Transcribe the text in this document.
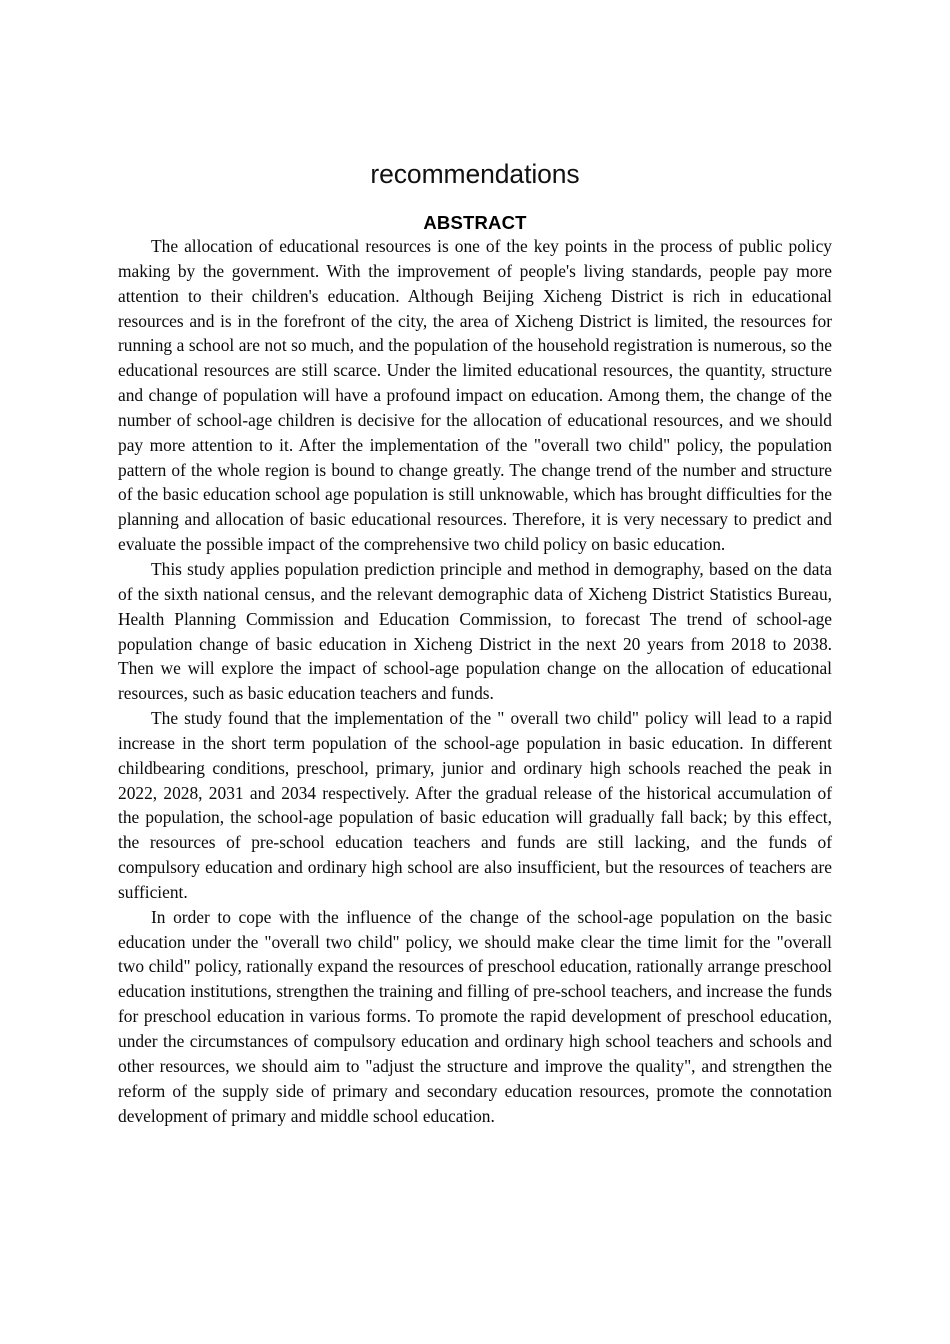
recommendations
ABSTRACT

The allocation of educational resources is one of the key points in the process of public policy making by the government. With the improvement of people's living standards, people pay more attention to their children's education. Although Beijing Xicheng District is rich in educational resources and is in the forefront of the city, the area of Xicheng District is limited, the resources for running a school are not so much, and the population of the household registration is numerous, so the educational resources are still scarce. Under the limited educational resources, the quantity, structure and change of population will have a profound impact on education. Among them, the change of the number of school-age children is decisive for the allocation of educational resources, and we should pay more attention to it. After the implementation of the "overall two child" policy, the population pattern of the whole region is bound to change greatly. The change trend of the number and structure of the basic education school age population is still unknowable, which has brought difficulties for the planning and allocation of basic educational resources. Therefore, it is very necessary to predict and evaluate the possible impact of the comprehensive two child policy on basic education.

This study applies population prediction principle and method in demography, based on the data of the sixth national census, and the relevant demographic data of Xicheng District Statistics Bureau, Health Planning Commission and Education Commission, to forecast The trend of school-age population change of basic education in Xicheng District in the next 20 years from 2018 to 2038. Then we will explore the impact of school-age population change on the allocation of educational resources, such as basic education teachers and funds.

The study found that the implementation of the " overall two child" policy will lead to a rapid increase in the short term population of the school-age population in basic education. In different childbearing conditions, preschool, primary, junior and ordinary high schools reached the peak in 2022, 2028, 2031 and 2034 respectively. After the gradual release of the historical accumulation of the population, the school-age population of basic education will gradually fall back; by this effect, the resources of pre-school education teachers and funds are still lacking, and the funds of compulsory education and ordinary high school are also insufficient, but the resources of teachers are sufficient.

In order to cope with the influence of the change of the school-age population on the basic education under the "overall two child" policy, we should make clear the time limit for the "overall two child" policy, rationally expand the resources of preschool education, rationally arrange preschool education institutions, strengthen the training and filling of pre-school teachers, and increase the funds for preschool education in various forms. To promote the rapid development of preschool education, under the circumstances of compulsory education and ordinary high school teachers and schools and other resources, we should aim to "adjust the structure and improve the quality", and strengthen the reform of the supply side of primary and secondary education resources, promote the connotation development of primary and middle school education.
